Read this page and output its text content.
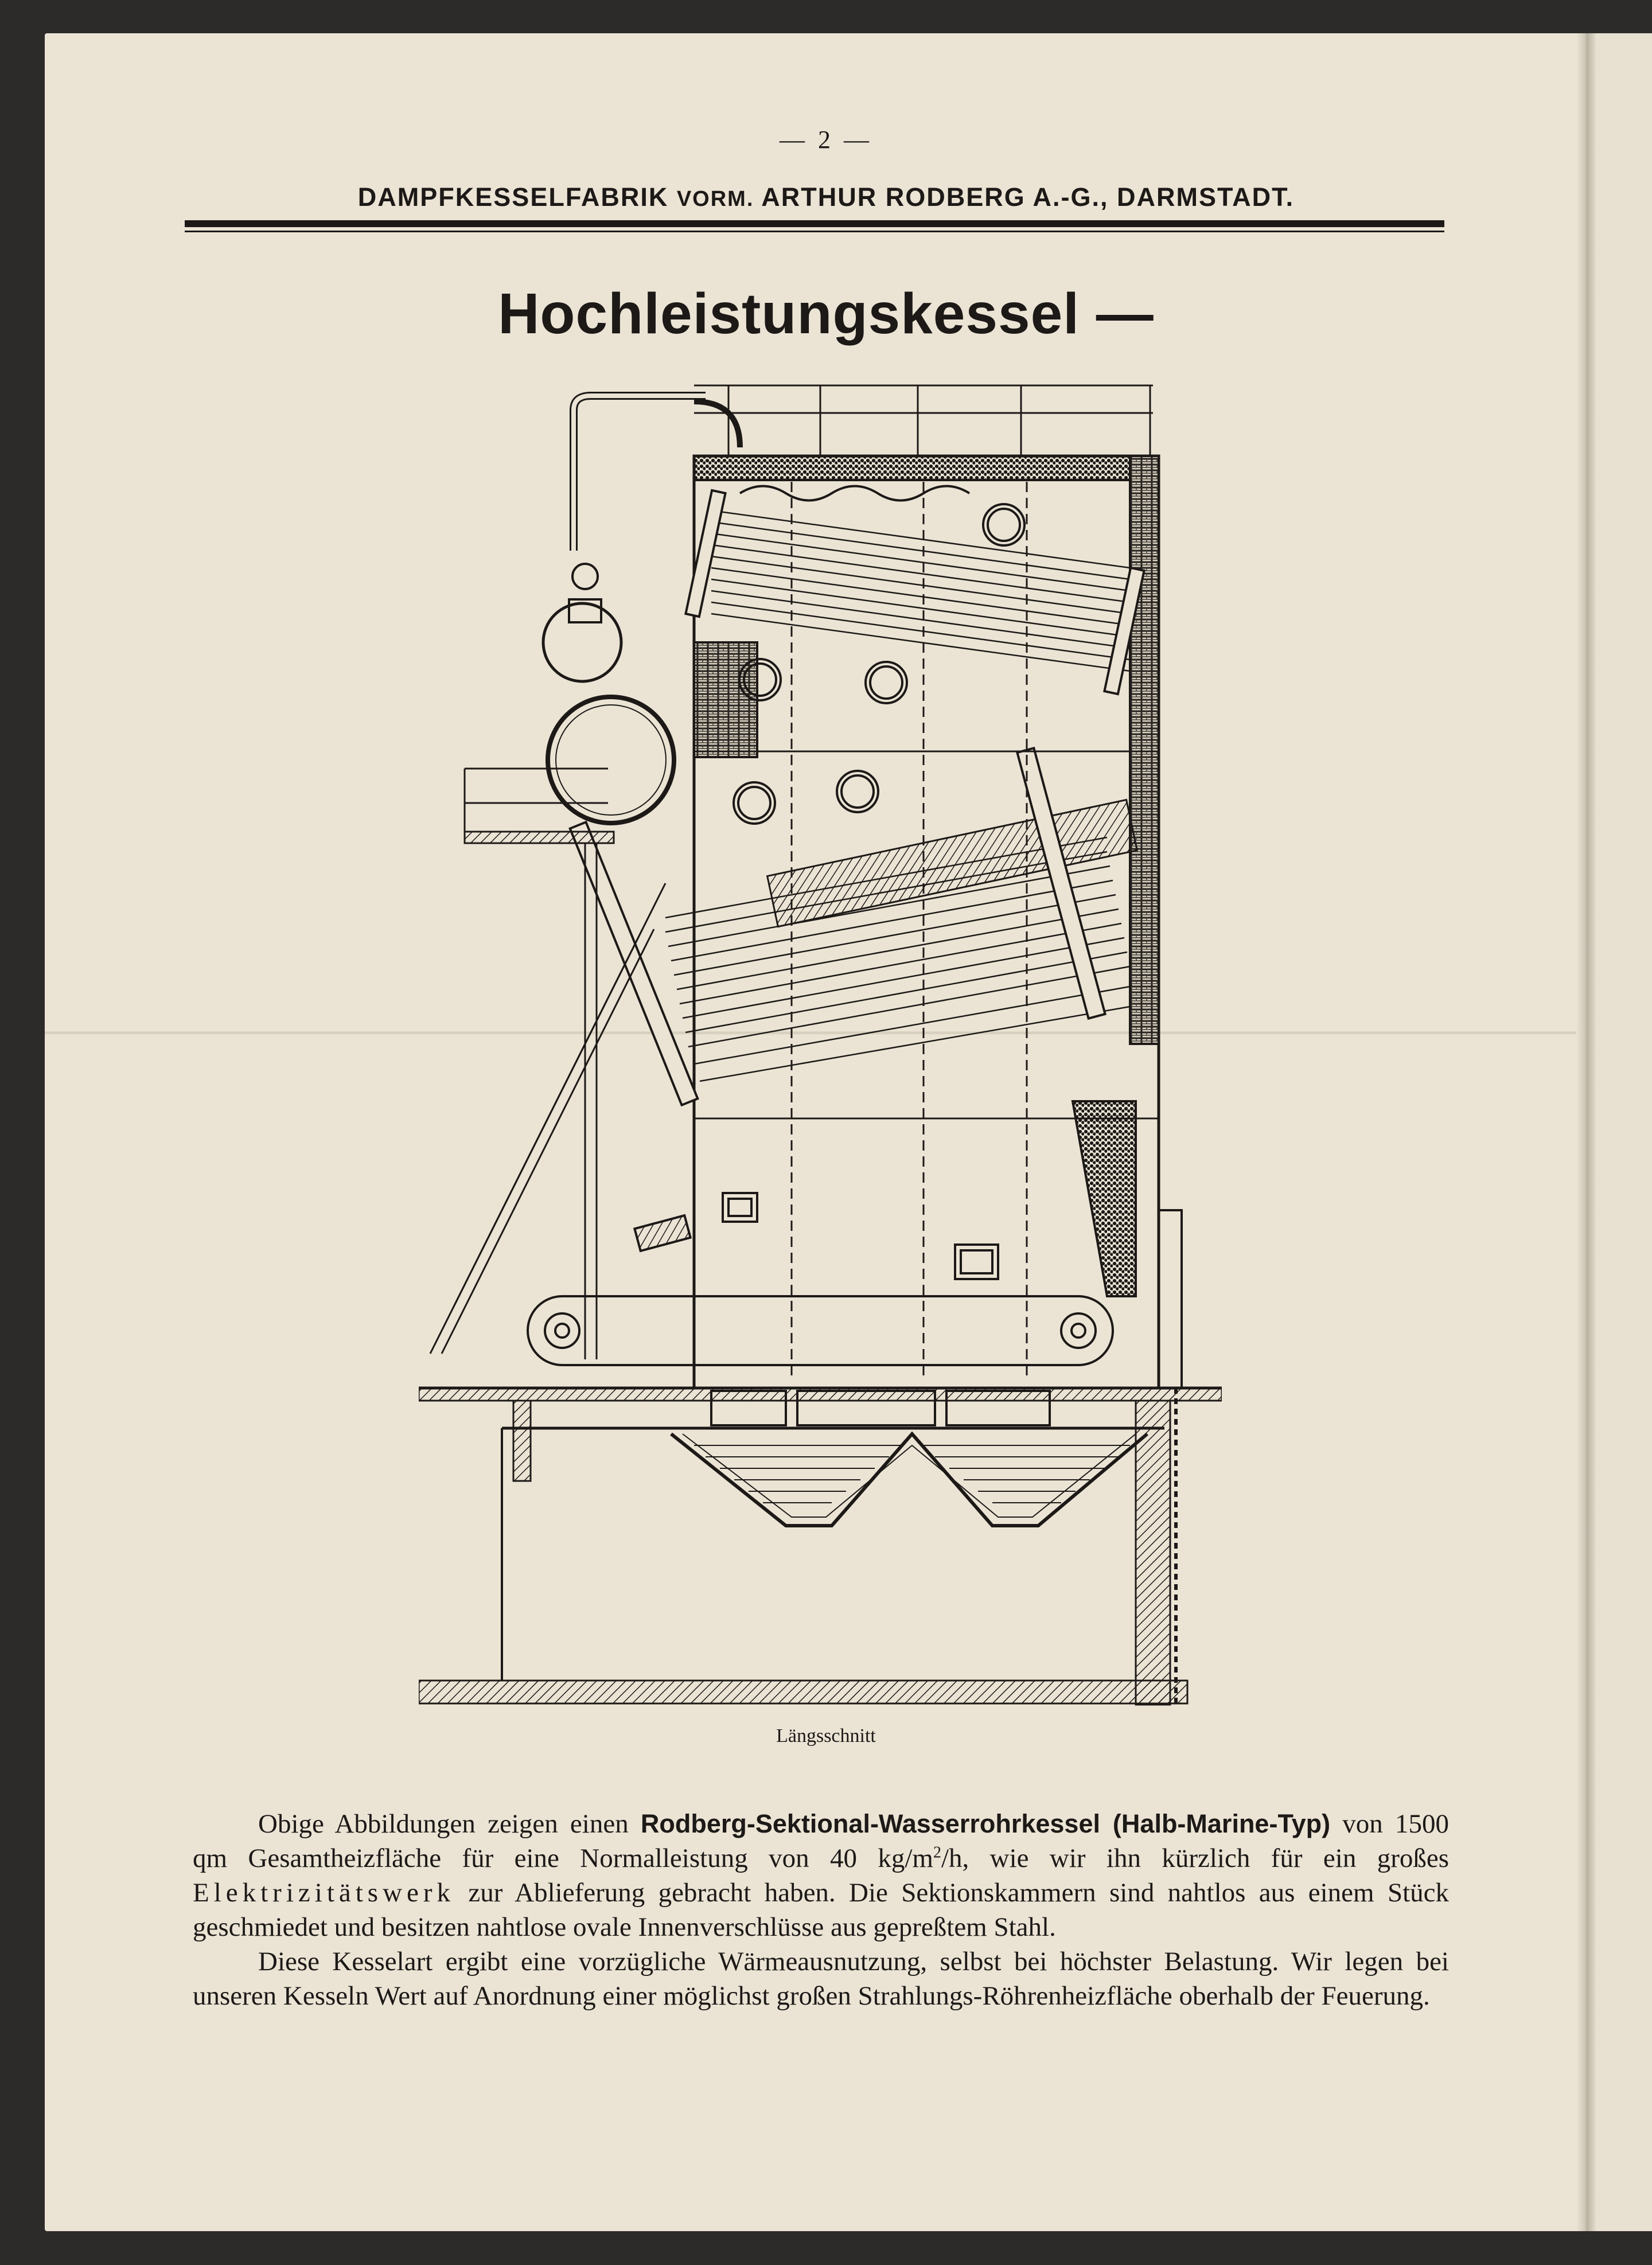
— 2 —
DAMPFKESSELFABRIK VORM. ARTHUR RODBERG A.-G., DARMSTADT.
Hochleistungskessel —
Längsschnitt

Obige Abbildungen zeigen einen Rodberg-Sektional-Wasserrohrkessel (Halb-Marine-Typ) von 1500 qm Gesamtheizfläche für eine Normalleistung von 40 $kg/m^2/h$, wie wir ihn kürzlich für ein großes Elektrizitätswerk zur Ablieferung gebracht haben. Die Sektionskammern sind nahtlos aus einem Stück geschmiedet und besitzen nahtlose ovale Innenverschlüsse aus gepreßtem Stahl.

Diese Kesselart ergibt eine vorzügliche Wärmeausnutzung, selbst bei höchster Belastung. Wir legen bei unseren Kesseln Wert auf Anordnung einer möglichst großen Strahlungs-Röhrenheizfläche oberhalb der Feuerung.
